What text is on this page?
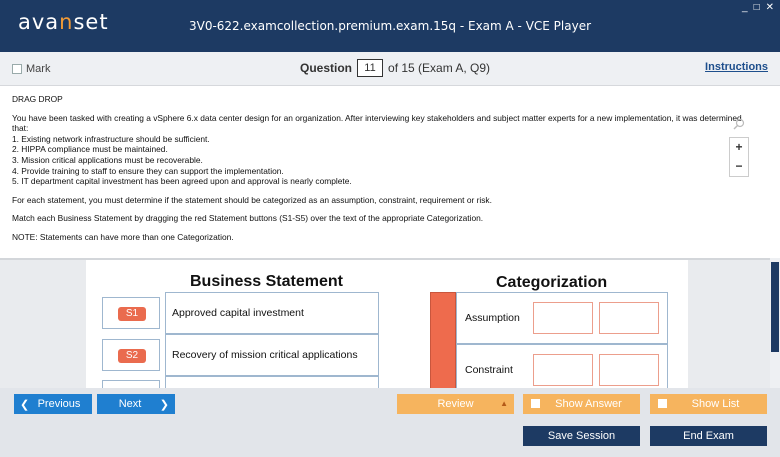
avanset	3V0-622.examcollection.premium.exam.15q - Exam A - VCE Player
_ □ ✕
Mark	Question	11	of 15 (Exam A, Q9)	Instructions

DRAG DROP

You have been tasked with creating a vSphere 6.x data center design for an organization. After interviewing key stakeholders and subject matter experts for a new implementation, it was determined that:
1. Existing network infrastructure should be sufficient.
2. HIPPA compliance must be maintained.
3. Mission critical applications must be recoverable.
4. Provide training to staff to ensure they can support the implementation.
5. IT department capital investment has been agreed upon and approval is nearly complete.

For each statement, you must determine if the statement should be categorized as an assumption, constraint, requirement or risk.

Match each Business Statement by dragging the red Statement buttons (S1-S5) over the text of the appropriate Categorization.

NOTE: Statements can have more than one Categorization.

+
−
Business Statement	Categorization
S1	Approved capital investment
S2	Recovery of mission critical applications
Assumption
Constraint
❮ Previous	Next	❯	Review	▲	Show Answer	Show List
Save Session	End Exam
